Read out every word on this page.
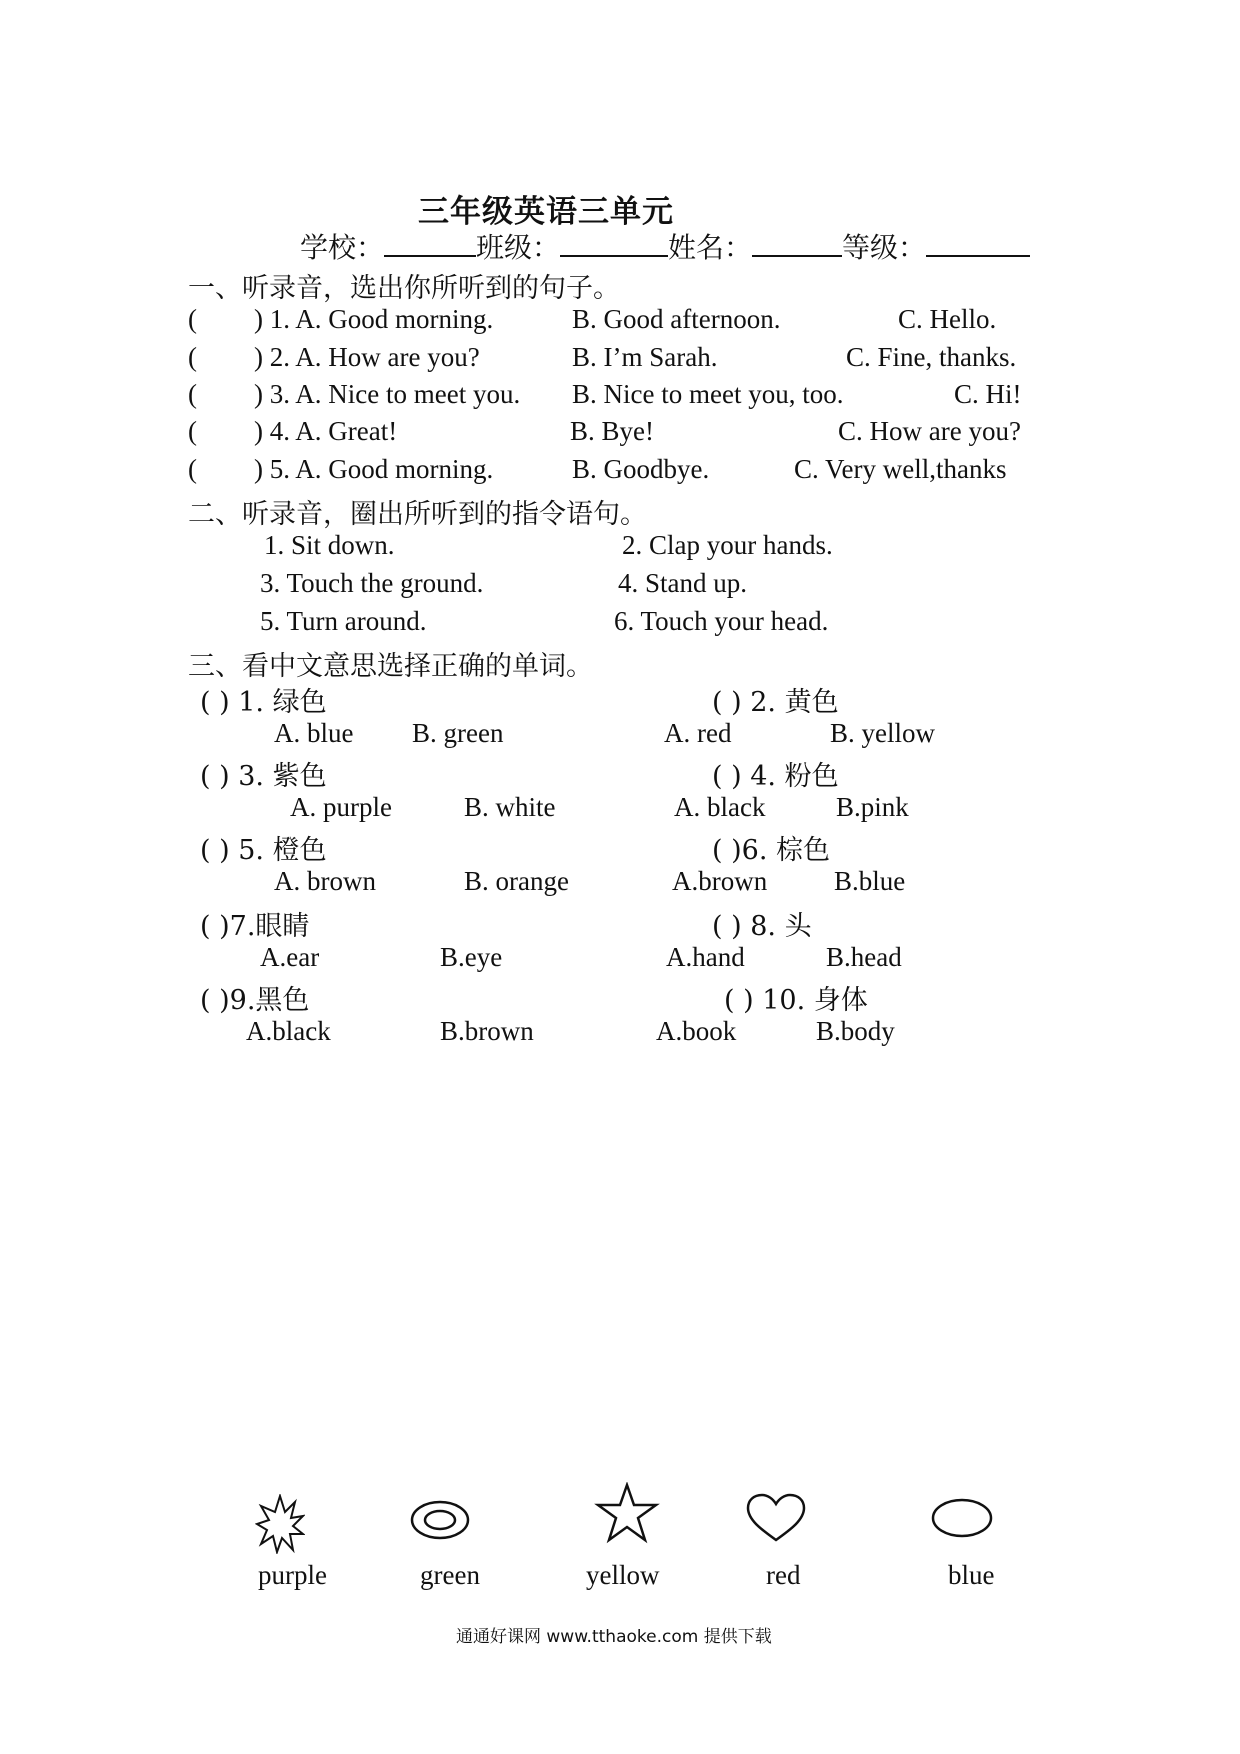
三年级英语三单元
学校：	班级：	姓名：	等级：
一、听录音，选出你所听到的句子。
( ) 1. A. Good morning.	B. Good afternoon.	C. Hello.
( ) 2. A. How are you?	B. I’m Sarah.	C. Fine, thanks.
( ) 3. A. Nice to meet you. B. Nice to meet you, too.	C. Hi!
( ) 4. A. Great!	B. Bye!	C. How are you?
( ) 5. A. Good morning.	B. Goodbye.	C. Very well,thanks
二、听录音，圈出所听到的指令语句。
1. Sit down.	2. Clap your hands.
3. Touch the ground.	4. Stand up.
5. Turn around.	6. Touch your head.
三、看中文意思选择正确的单词。
( ) 1. 绿色	( ) 2. 黄色
A. blue B. green	A. red	B. yellow
( ) 3. 紫色	( ) 4. 粉色
A. purple	B. white	A. black	B.pink
( ) 5. 橙色	( )6. 棕色
A. brown	B. orange	A.brown B.blue
( )7.眼睛	( ) 8. 头
A.ear	B.eye	A.hand	B.head
( )9.黑色	( ) 10. 身体
A.black	B.brown	A.book	B.body
purple	green	yellow	red	blue
通通好课网 www.tthaoke.com 提供下载
